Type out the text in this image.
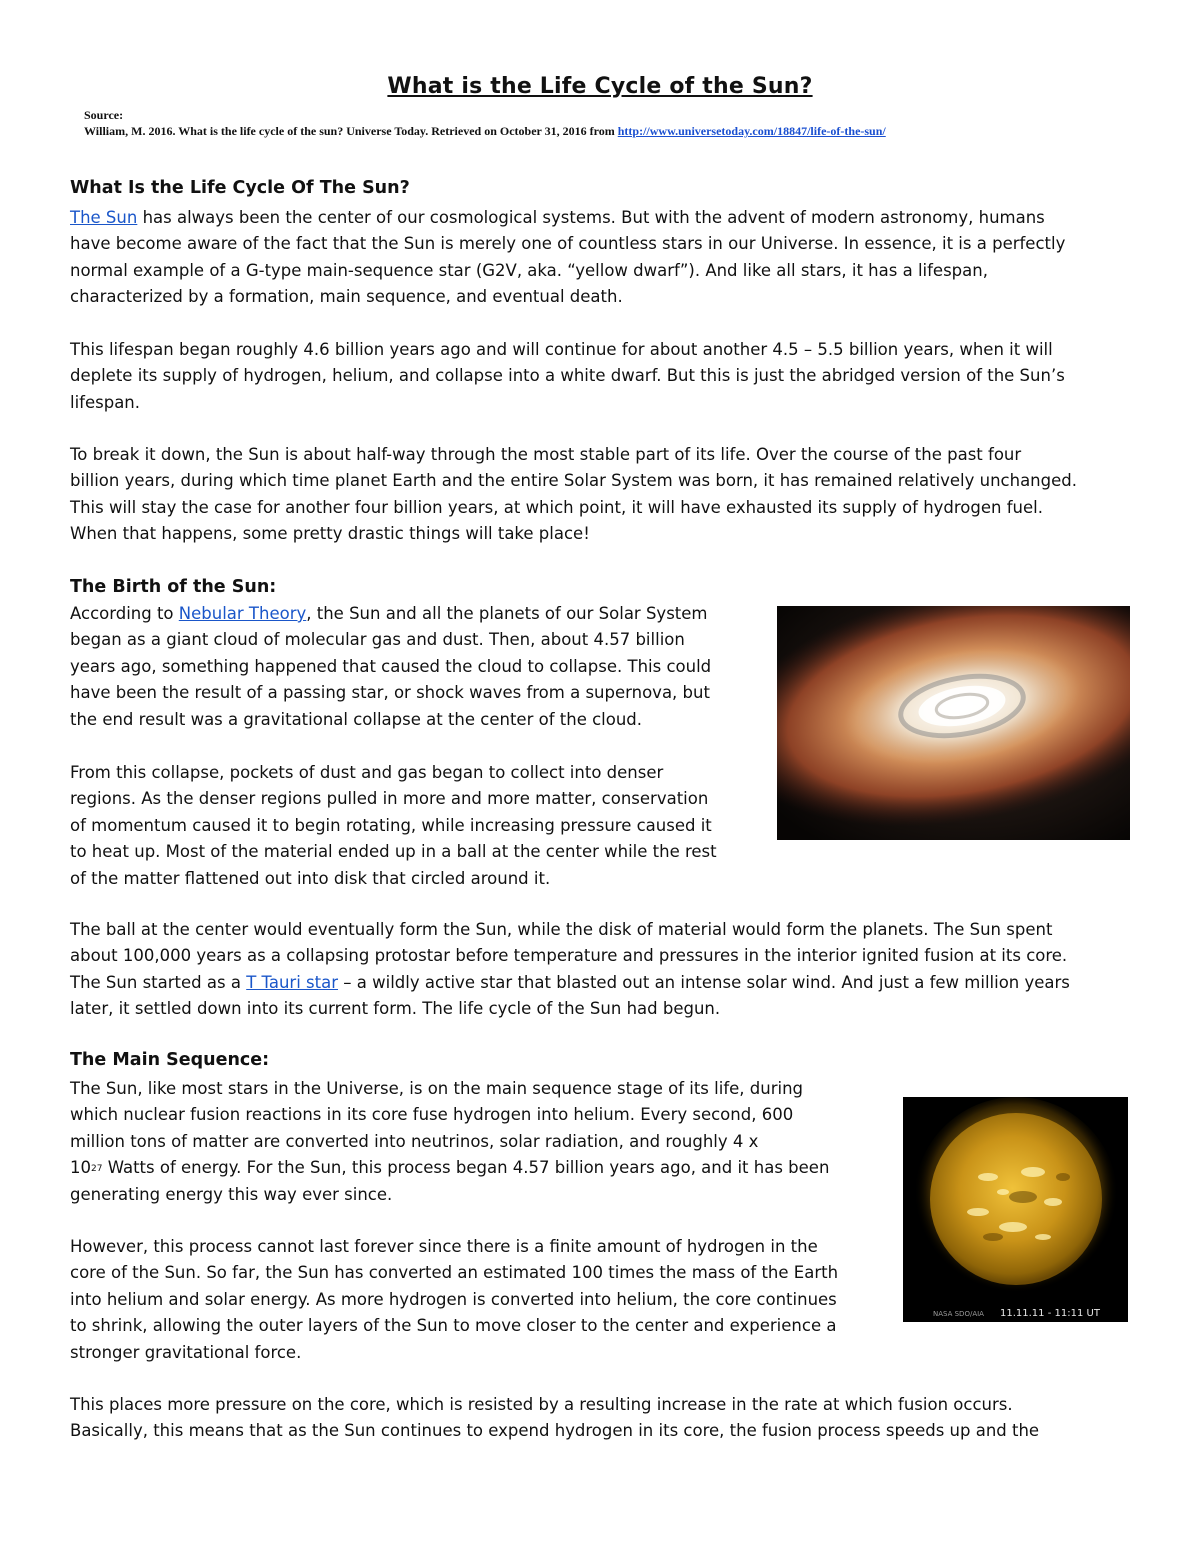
What is the Life Cycle of the Sun?
Source:
William, M. 2016. What is the life cycle of the sun? Universe Today. Retrieved on October 31, 2016 from http://www.universetoday.com/18847/life-of-the-sun/
What Is the Life Cycle Of The Sun?
The Sun has always been the center of our cosmological systems. But with the advent of modern astronomy, humans
have become aware of the fact that the Sun is merely one of countless stars in our Universe. In essence, it is a perfectly
normal example of a G-type main-sequence star (G2V, aka. “yellow dwarf”). And like all stars, it has a lifespan,
characterized by a formation, main sequence, and eventual death.
This lifespan began roughly 4.6 billion years ago and will continue for about another 4.5 – 5.5 billion years, when it will
deplete its supply of hydrogen, helium, and collapse into a white dwarf. But this is just the abridged version of the Sun’s
lifespan.
To break it down, the Sun is about half-way through the most stable part of its life. Over the course of the past four
billion years, during which time planet Earth and the entire Solar System was born, it has remained relatively unchanged.
This will stay the case for another four billion years, at which point, it will have exhausted its supply of hydrogen fuel.
When that happens, some pretty drastic things will take place!
The Birth of the Sun:
According to Nebular Theory, the Sun and all the planets of our Solar System
began as a giant cloud of molecular gas and dust. Then, about 4.57 billion
years ago, something happened that caused the cloud to collapse. This could
have been the result of a passing star, or shock waves from a supernova, but
the end result was a gravitational collapse at the center of the cloud.
From this collapse, pockets of dust and gas began to collect into denser
regions. As the denser regions pulled in more and more matter, conservation
of momentum caused it to begin rotating, while increasing pressure caused it
to heat up. Most of the material ended up in a ball at the center while the rest
of the matter flattened out into disk that circled around it.
The ball at the center would eventually form the Sun, while the disk of material would form the planets. The Sun spent
about 100,000 years as a collapsing protostar before temperature and pressures in the interior ignited fusion at its core.
The Sun started as a T Tauri star – a wildly active star that blasted out an intense solar wind. And just a few million years
later, it settled down into its current form. The life cycle of the Sun had begun.
The Main Sequence:
The Sun, like most stars in the Universe, is on the main sequence stage of its life, during
which nuclear fusion reactions in its core fuse hydrogen into helium. Every second, 600
million tons of matter are converted into neutrinos, solar radiation, and roughly 4 x
$10^{27}$ Watts of energy. For the Sun, this process began 4.57 billion years ago, and it has been
generating energy this way ever since.
NASA SDO/AIA 11.11.11 - 11:11 UT
However, this process cannot last forever since there is a finite amount of hydrogen in the
core of the Sun. So far, the Sun has converted an estimated 100 times the mass of the Earth
into helium and solar energy. As more hydrogen is converted into helium, the core continues
to shrink, allowing the outer layers of the Sun to move closer to the center and experience a
stronger gravitational force.
This places more pressure on the core, which is resisted by a resulting increase in the rate at which fusion occurs.
Basically, this means that as the Sun continues to expend hydrogen in its core, the fusion process speeds up and the
